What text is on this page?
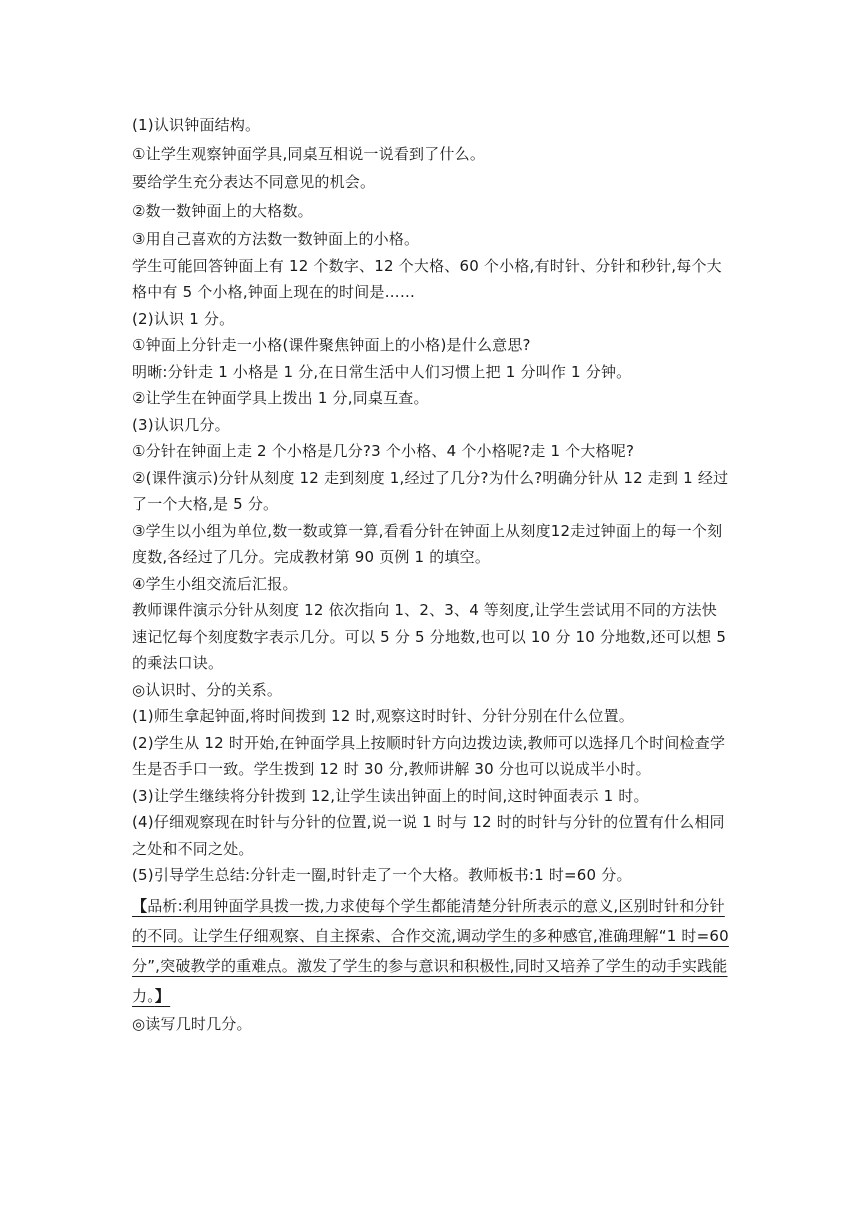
(1)认识钟面结构。

①让学生观察钟面学具,同桌互相说一说看到了什么。

要给学生充分表达不同意见的机会。

②数一数钟面上的大格数。

③用自己喜欢的方法数一数钟面上的小格。

学生可能回答钟面上有 12 个数字、12 个大格、60 个小格,有时针、分针和秒针,每个大格中有 5 个小格,钟面上现在的时间是……

(2)认识 1 分。

①钟面上分针走一小格(课件聚焦钟面上的小格)是什么意思?

明晰:分针走 1 小格是 1 分,在日常生活中人们习惯上把 1 分叫作 1 分钟。

②让学生在钟面学具上拨出 1 分,同桌互查。

(3)认识几分。

①分针在钟面上走 2 个小格是几分?3 个小格、4 个小格呢?走 1 个大格呢?

②(课件演示)分针从刻度 12 走到刻度 1,经过了几分?为什么?明确分针从 12 走到 1 经过了一个大格,是 5 分。

③学生以小组为单位,数一数或算一算,看看分针在钟面上从刻度12走过钟面上的每一个刻度数,各经过了几分。完成教材第 90 页例 1 的填空。

④学生小组交流后汇报。

教师课件演示分针从刻度 12 依次指向 1、2、3、4 等刻度,让学生尝试用不同的方法快速记忆每个刻度数字表示几分。可以 5 分 5 分地数,也可以 10 分 10 分地数,还可以想 5 的乘法口诀。

◎认识时、分的关系。

(1)师生拿起钟面,将时间拨到 12 时,观察这时时针、分针分别在什么位置。

(2)学生从 12 时开始,在钟面学具上按顺时针方向边拨边读,教师可以选择几个时间检查学生是否手口一致。学生拨到 12 时 30 分,教师讲解 30 分也可以说成半小时。

(3)让学生继续将分针拨到 12,让学生读出钟面上的时间,这时钟面表示 1 时。

(4)仔细观察现在时针与分针的位置,说一说 1 时与 12 时的时针与分针的位置有什么相同之处和不同之处。

(5)引导学生总结:分针走一圈,时针走了一个大格。教师板书:1 时=60 分。

【品析:利用钟面学具拨一拨,力求使每个学生都能清楚分针所表示的意义,区别时针和分针的不同。让学生仔细观察、自主探索、合作交流,调动学生的多种感官,准确理解“1 时=60 分”,突破教学的重难点。激发了学生的参与意识和积极性,同时又培养了学生的动手实践能力。】

◎读写几时几分。
